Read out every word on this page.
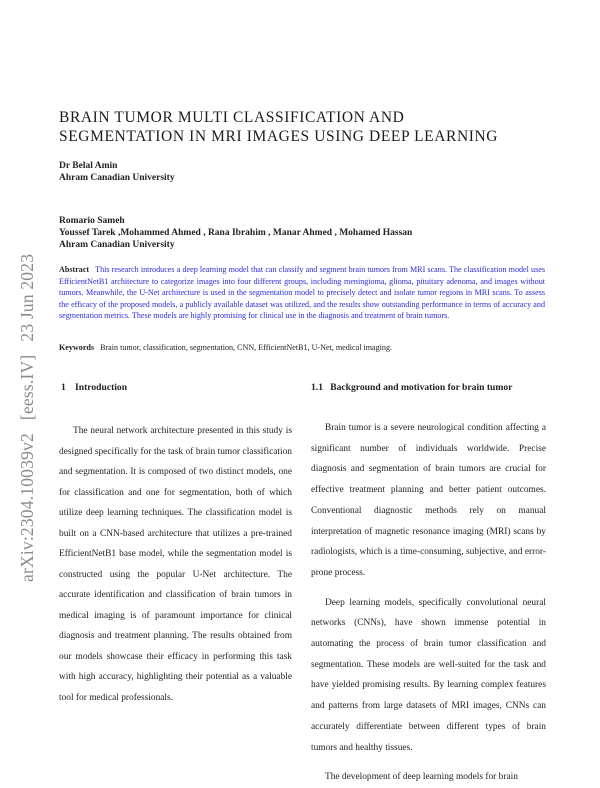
arXiv:2304.10039v2[eess.IV]23 Jun 2023
BRAIN TUMOR MULTI CLASSIFICATION AND
SEGMENTATION IN MRI IMAGES USING DEEP LEARNING
Dr Belal Amin
Ahram Canadian University
Romario Sameh
Youssef Tarek ,Mohammed Ahmed , Rana Ibrahim , Manar Ahmed , Mohamed Hassan
Ahram Canadian University
Abstract This research introduces a deep learning model that can classify and segment brain tumors from MRI scans. The classification model uses EfficientNetB1 architecture to categorize images into four different groups, including meningioma, glioma, pituitary adenoma, and images without tumors. Meanwhile, the U-Net architecture is used in the segmentation model to precisely detect and isolate tumor regions in MRI scans. To assess the efficacy of the proposed models, a publicly available dataset was utilized, and the results show outstanding performance in terms of accuracy and segmentation metrics. These models are highly promising for clinical use in the diagnosis and treatment of brain tumors.
Keywords Brain tumor, classification, segmentation, CNN, EfficientNetB1, U-Net, medical imaging.
1 Introduction	1.1 Background and motivation for brain tumor

The neural network architecture presented in this study is designed specifically for the task of brain tumor classification and segmentation. It is composed of two distinct models, one for classification and one for segmentation, both of which utilize deep learning techniques. The classification model is built on a CNN-based architecture that utilizes a pre-trained EfficientNetB1 base model, while the segmentation model is constructed using the popular U-Net architecture. The accurate identification and classification of brain tumors in medical imaging is of paramount importance for clinical diagnosis and treatment planning. The results obtained from our models showcase their efficacy in performing this task with high accuracy, highlighting their potential as a valuable tool for medical professionals.

Brain tumor is a severe neurological condition affecting a significant number of individuals worldwide. Precise diagnosis and segmentation of brain tumors are crucial for effective treatment planning and better patient outcomes. Conventional diagnostic methods rely on manual interpretation of magnetic resonance imaging (MRI) scans by radiologists, which is a time-consuming, subjective, and error-prone process.

Deep learning models, specifically convolutional neural networks (CNNs), have shown immense potential in automating the process of brain tumor classification and segmentation. These models are well-suited for the task and have yielded promising results. By learning complex features and patterns from large datasets of MRI images, CNNs can accurately differentiate between different types of brain tumors and healthy tissues.

The development of deep learning models for brain
